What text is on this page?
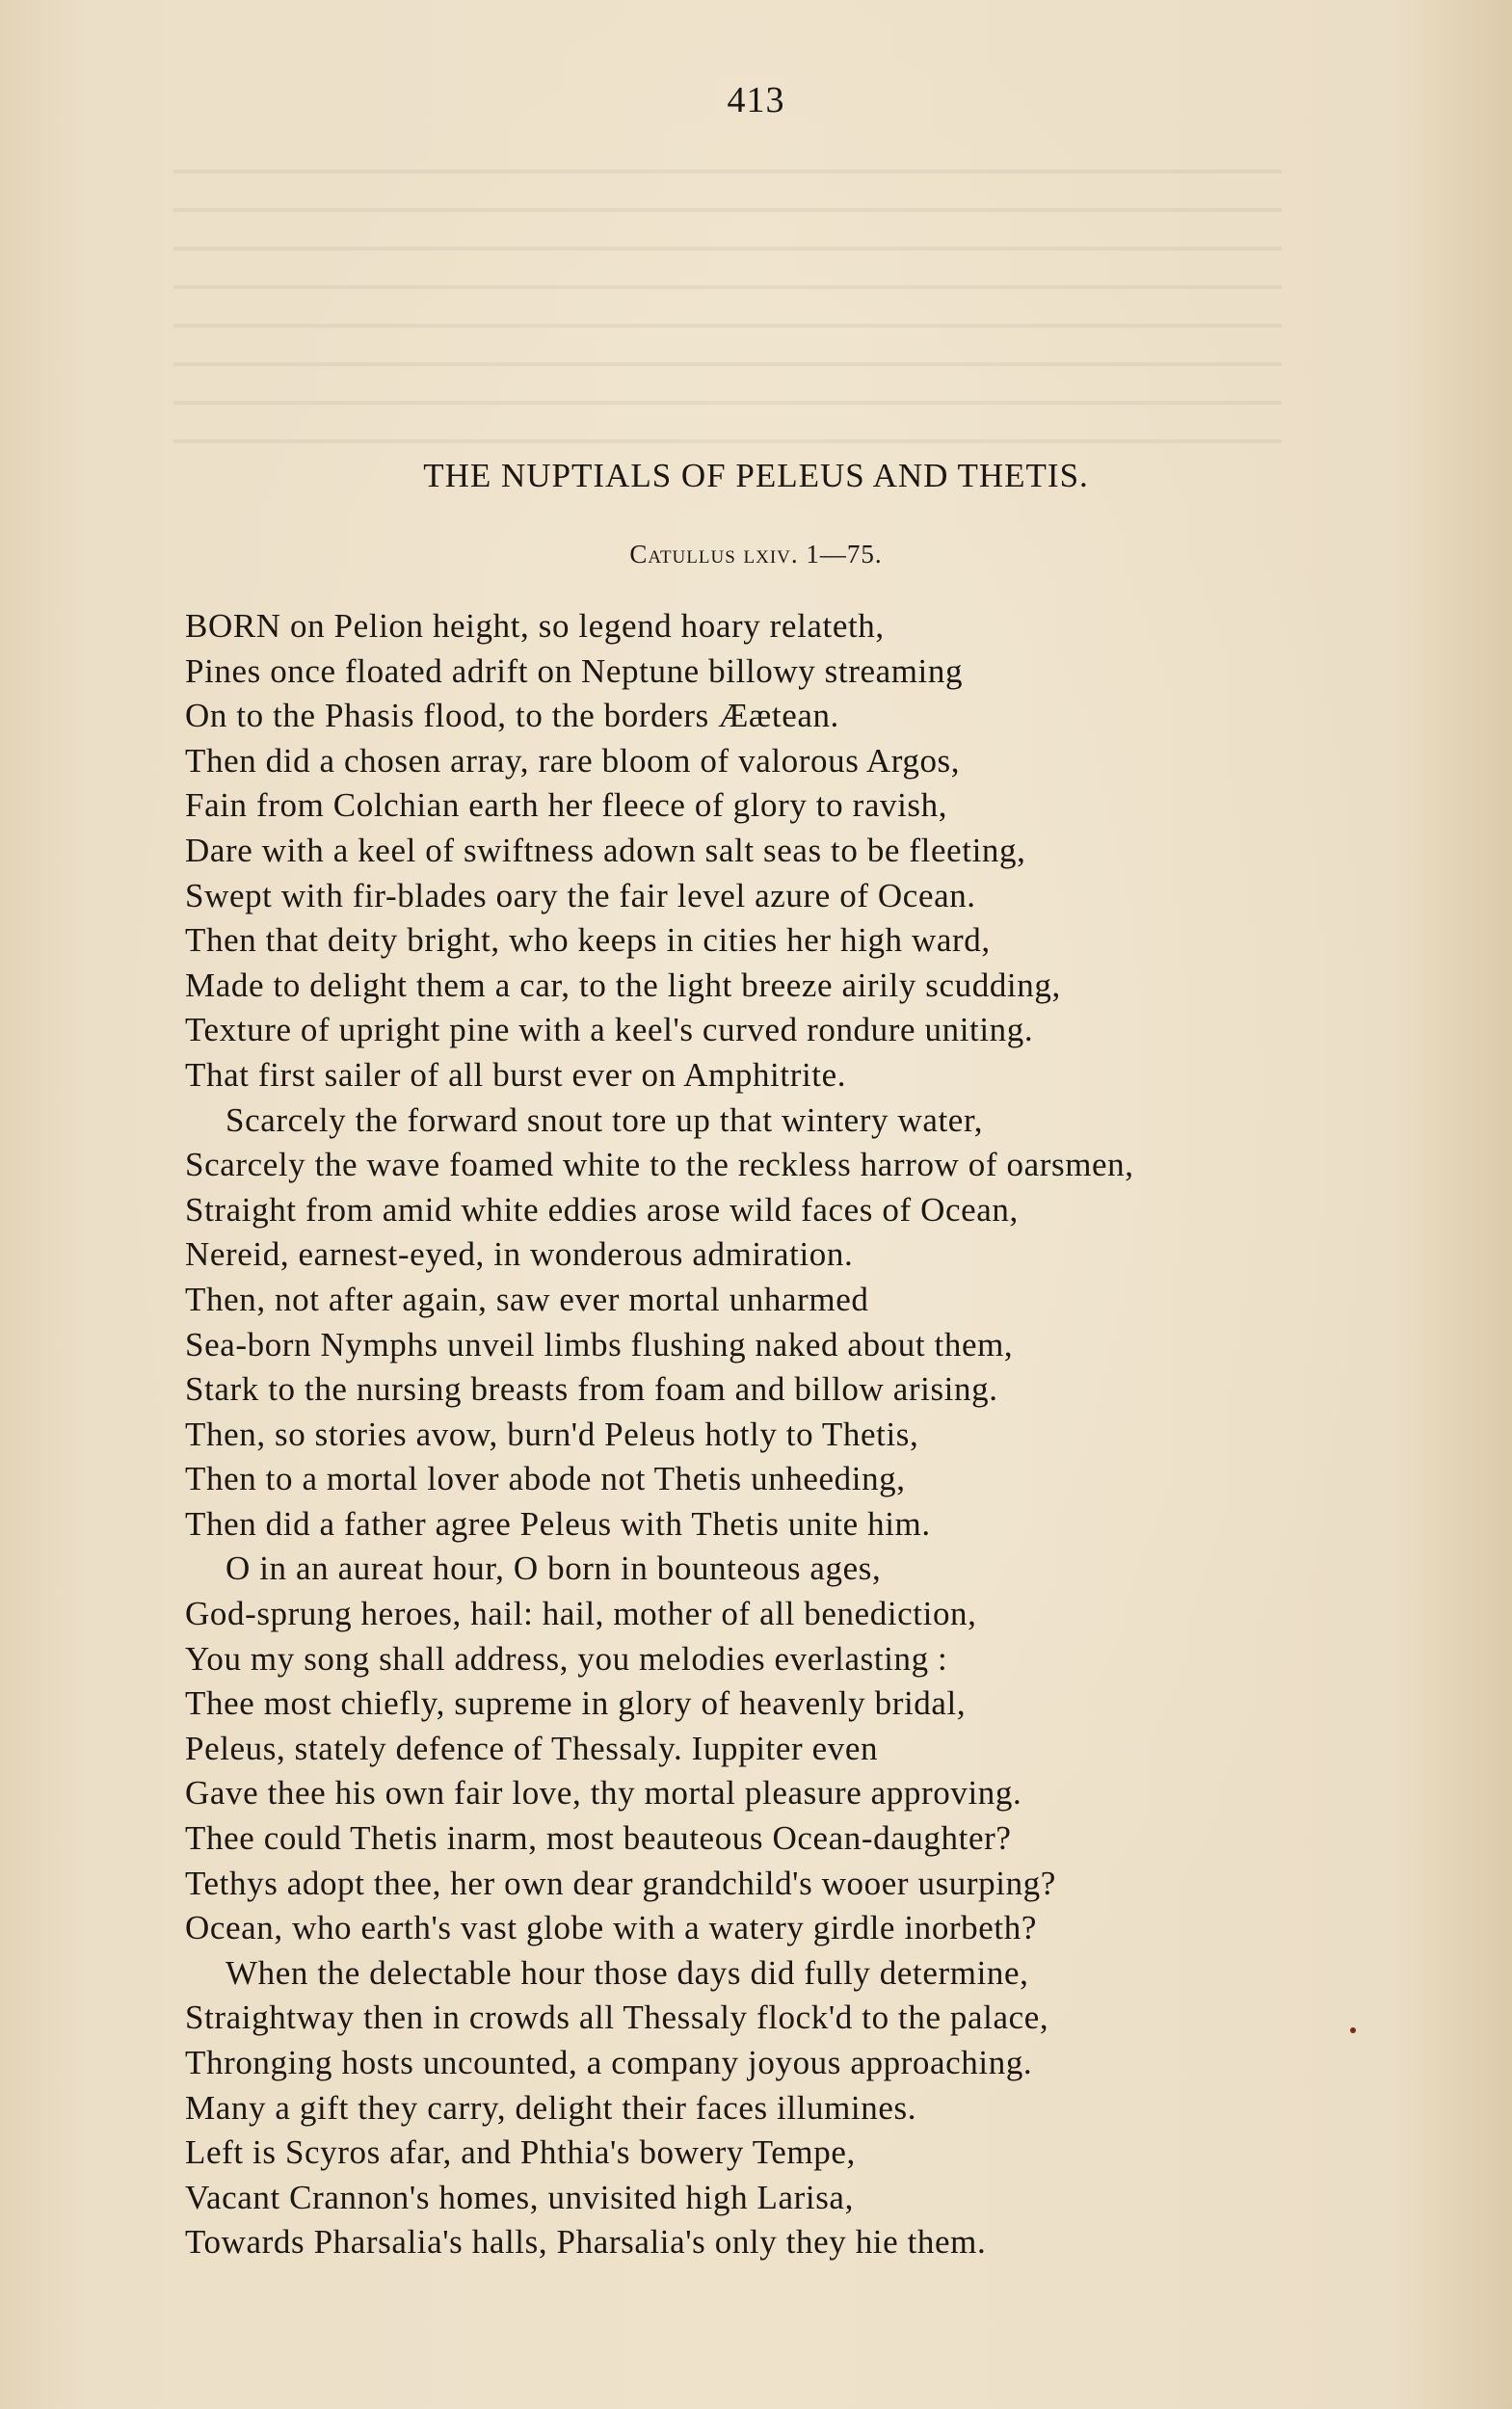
413
THE NUPTIALS OF PELEUS AND THETIS.
Catullus lxiv. 1—75.
BORN on Pelion height, so legend hoary relateth,
Pines once floated adrift on Neptune billowy streaming
On to the Phasis flood, to the borders Æætean.
Then did a chosen array, rare bloom of valorous Argos,
Fain from Colchian earth her fleece of glory to ravish,
Dare with a keel of swiftness adown salt seas to be fleeting,
Swept with fir-blades oary the fair level azure of Ocean.
Then that deity bright, who keeps in cities her high ward,
Made to delight them a car, to the light breeze airily scudding,
Texture of upright pine with a keel's curved rondure uniting.
That first sailer of all burst ever on Amphitrite.
Scarcely the forward snout tore up that wintery water,
Scarcely the wave foamed white to the reckless harrow of oarsmen,
Straight from amid white eddies arose wild faces of Ocean,
Nereid, earnest-eyed, in wonderous admiration.
Then, not after again, saw ever mortal unharmed
Sea-born Nymphs unveil limbs flushing naked about them,
Stark to the nursing breasts from foam and billow arising.
Then, so stories avow, burn'd Peleus hotly to Thetis,
Then to a mortal lover abode not Thetis unheeding,
Then did a father agree Peleus with Thetis unite him.
O in an aureat hour, O born in bounteous ages,
God-sprung heroes, hail: hail, mother of all benediction,
You my song shall address, you melodies everlasting :
Thee most chiefly, supreme in glory of heavenly bridal,
Peleus, stately defence of Thessaly. Iuppiter even
Gave thee his own fair love, thy mortal pleasure approving.
Thee could Thetis inarm, most beauteous Ocean-daughter?
Tethys adopt thee, her own dear grandchild's wooer usurping?
Ocean, who earth's vast globe with a watery girdle inorbeth?
When the delectable hour those days did fully determine,
Straightway then in crowds all Thessaly flock'd to the palace,
Thronging hosts uncounted, a company joyous approaching.
Many a gift they carry, delight their faces illumines.
Left is Scyros afar, and Phthia's bowery Tempe,
Vacant Crannon's homes, unvisited high Larisa,
Towards Pharsalia's halls, Pharsalia's only they hie them.
